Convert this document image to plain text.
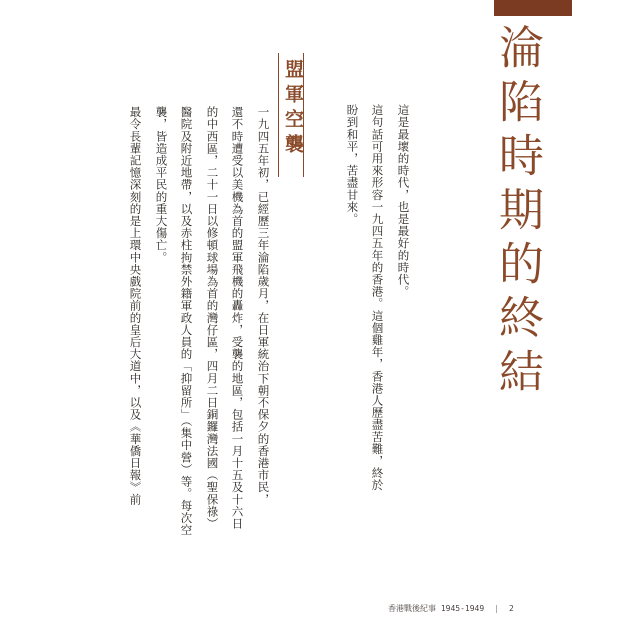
淪陷時期的終結
這是最壞的時代，也是最好的時代。
這句話可用來形容一九四五年的香港。這個雞年，香港人歷盡苦難，終於
盼到和平，苦盡甘來。
盟軍空襲
一九四五年初，已經歷三年淪陷歲月，在日軍統治下朝不保夕的香港市民，
還不時遭受以美機為首的盟軍飛機的轟炸，受襲的地區，包括一月十五及十六日
的中西區，二十一日以修頓球場為首的灣仔區，四月二日銅鑼灣法國（聖保祿）
醫院及附近地帶，以及赤柱拘禁外籍軍政人員的「抑留所」（集中營）等。每次空
襲，皆造成平民的重大傷亡。
最令長輩記憶深刻的是上環中央戲院前的皇后大道中，以及《華僑日報》前
香港戰後紀事 1945-1949 | 2
